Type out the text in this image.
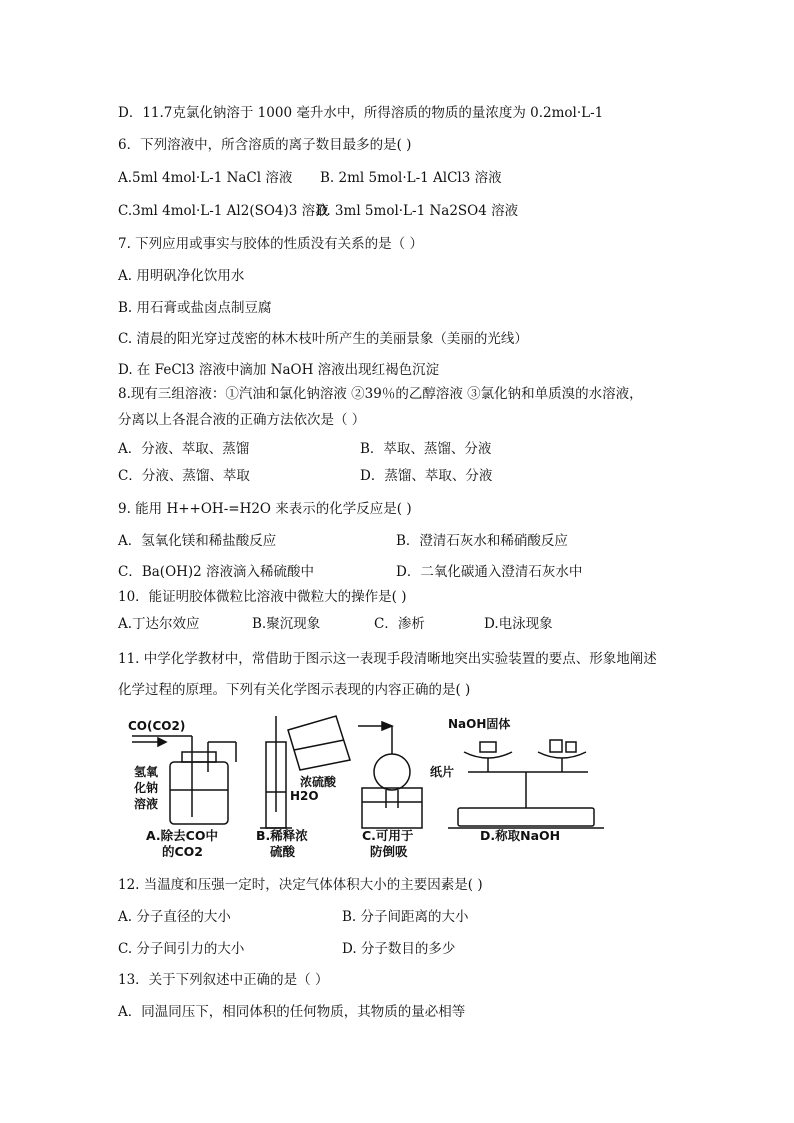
D．11.7克氯化钠溶于 1000 毫升水中，所得溶质的物质的量浓度为 0.2mol·L-1
6．下列溶液中，所含溶质的离子数目最多的是( )
A.5ml 4mol·L-1 NaCl 溶液 B. 2ml 5mol·L-1 AlCl3 溶液
C.3ml 4mol·L-1 Al2(SO4)3 溶液
D. 3ml 5mol·L-1 Na2SO4 溶液
7. 下列应用或事实与胶体的性质没有关系的是（ ）
A. 用明矾净化饮用水
B. 用石膏或盐卤点制豆腐
C. 清晨的阳光穿过茂密的林木枝叶所产生的美丽景象（美丽的光线）
D. 在 FeCl3 溶液中滴加 NaOH 溶液出现红褐色沉淀
8.现有三组溶液：①汽油和氯化钠溶液 ②39％的乙醇溶液 ③氯化钠和单质溴的水溶液，
分离以上各混合液的正确方法依次是（ ）
A．分液、萃取、蒸馏	B．萃取、蒸馏、分液
C．分液、蒸馏、萃取	D．蒸馏、萃取、分液
9. 能用 H++OH-=H2O 来表示的化学反应是( )
A．氢氧化镁和稀盐酸反应	B．澄清石灰水和稀硝酸反应
C．Ba(OH)2 溶液滴入稀硫酸中	D．二氧化碳通入澄清石灰水中
10．能证明胶体微粒比溶液中微粒大的操作是( )
A.丁达尔效应	B.聚沉现象	C．渗析	D.电泳现象
11. 中学化学教材中，常借助于图示这一表现手段清晰地突出实验装置的要点、形象地阐述
化学过程的原理。下列有关化学图示表现的内容正确的是( )
CO(CO2)
氢 氧
化 钠
溶液
A.除去CO中
的CO2
浓硫酸
H2O
B.稀释浓
硫酸
C.可用于
防倒吸
NaOH固体
纸片
D.称取NaOH
12. 当温度和压强一定时，决定气体体积大小的主要因素是( )
A. 分子直径的大小	B. 分子间距离的大小
C. 分子间引力的大小	D. 分子数目的多少
13．关于下列叙述中正确的是（ ）
A．同温同压下，相同体积的任何物质，其物质的量必相等
